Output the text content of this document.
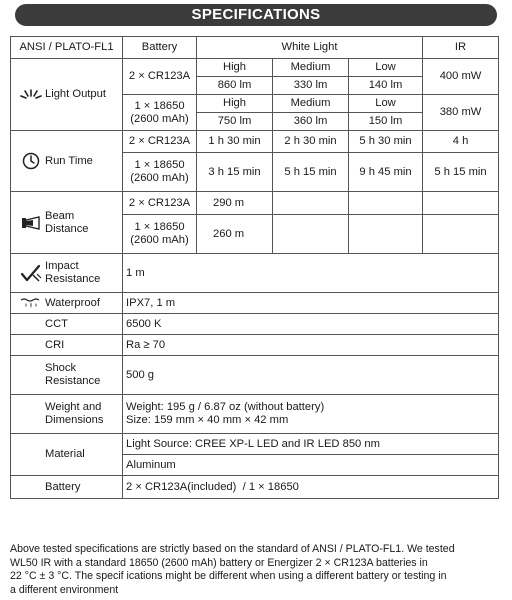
SPECIFICATIONS
ANSI / PLATO-FL1	Battery	White Light			IR

Light Output	2 × CR123A	High	Medium	Low	400 mW
		860 lm	330 lm	140 lm	
	1 × 18650
(2600 mAh)	High	Medium	Low	380 mW
		750 lm	360 lm	150 lm	

Run Time	2 × CR123A	1 h 30 min	2 h 30 min	5 h 30 min	4 h
	1 × 18650
(2600 mAh)	3 h 15 min	5 h 15 min	9 h 45 min	5 h 15 min

Beam
Distance	2 × CR123A	290 m			
	1 × 18650
(2600 mAh)	260 m			

Impact
Resistance	1 m				

Waterproof	IPX7, 1 m				

CCT	6500 K				

CRI	Ra ≥ 70				

Shock
Resistance	500 g				

Weight and
Dimensions	Weight: 195 g / 6.87 oz (without battery)
Size: 159 mm × 40 mm × 42 mm				

Material	Light Source: CREE XP-L LED and IR LED 850 nm				
	Aluminum				

Battery	2 × CR123A(included)  / 1 × 18650				
Above tested specifications are strictly based on the standard of ANSI / PLATO-FL1. We tested
WL50 IR with a standard 18650 (2600 mAh) battery or Energizer 2 × CR123A batteries in
22 °C ± 3 °C. The specif ications might be different when using a different battery or testing in
a different environment
